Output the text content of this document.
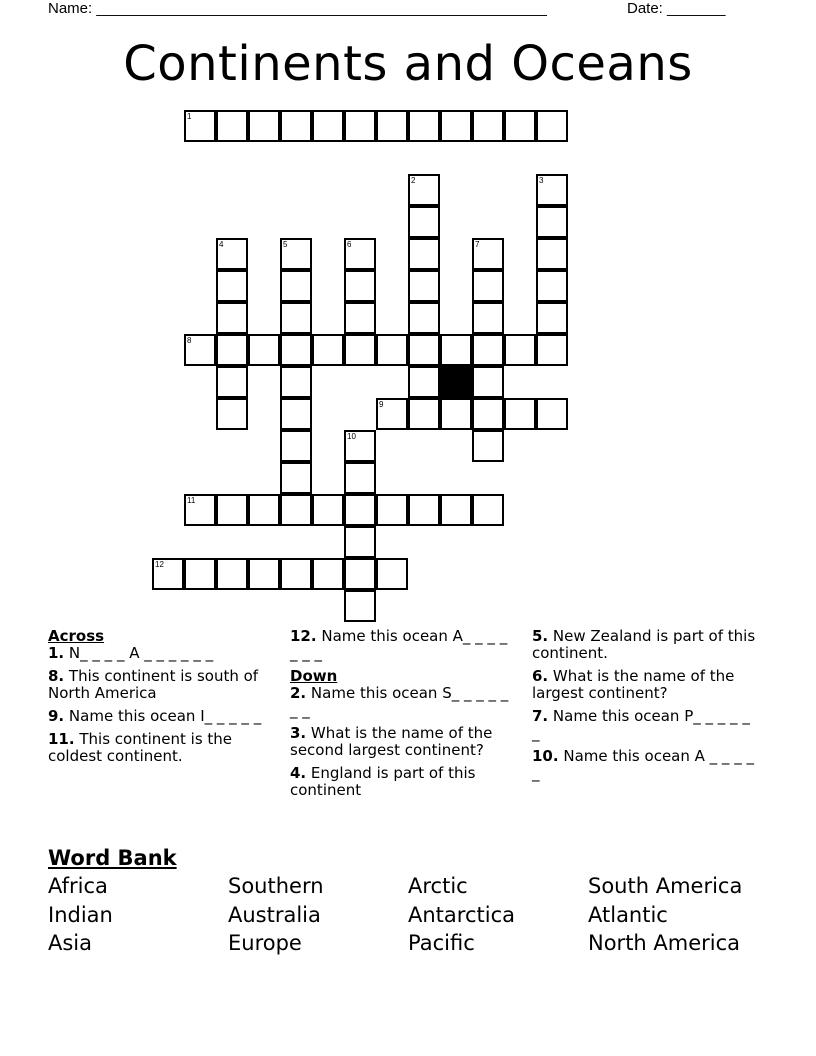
Name: ______________________________________________________	Date: _______
Continents and Oceans
1
2	3
4	5	6	7
8
9
10
11
12
Across
1. N_ _ _ _ A _ _ _ _ _ _
8. This continent is south of North America
9. Name this ocean I_ _ _ _ _
11. This continent is the coldest continent.
12. Name this ocean A_ _ _ _ _ _ _
Down
2. Name this ocean S_ _ _ _ _ _ _
3. What is the name of the second largest continent?
4. England is part of this continent
5. New Zealand is part of this continent.
6. What is the name of the largest continent?
7. Name this ocean P_ _ _ _ _ _
10. Name this ocean A _ _ _ _ _
Word Bank
Africa	Southern	Arctic	South America
Indian	Australia	Antarctica	Atlantic
Asia	Europe	Pacific	North America
